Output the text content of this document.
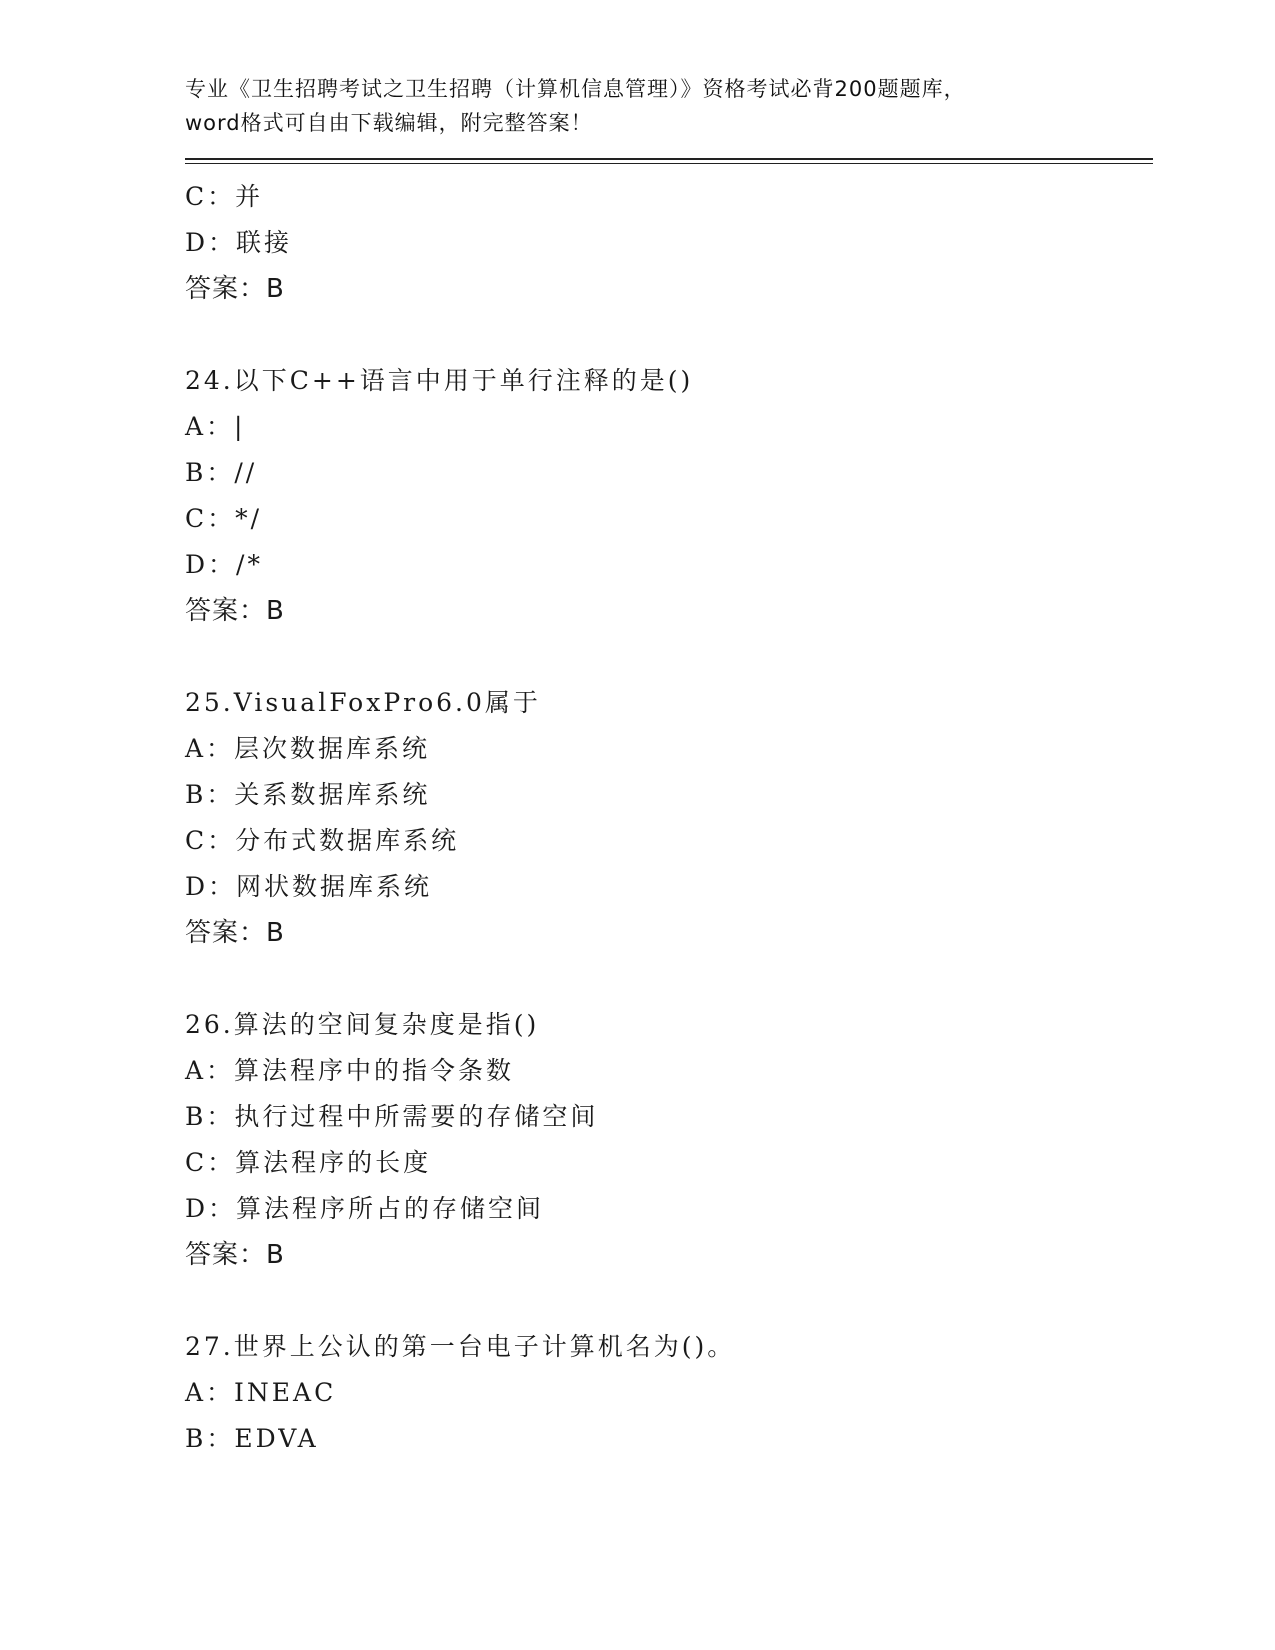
专业《卫生招聘考试之卫生招聘（计算机信息管理）》资格考试必背200题题库，
word格式可自由下载编辑，附完整答案！
C：并
D：联接
答案：B
24.以下C++语言中用于单行注释的是()
A：|
B：//
C：*/
D：/*
答案：B
25.VisualFoxPro6.0属于
A：层次数据库系统
B：关系数据库系统
C：分布式数据库系统
D：网状数据库系统
答案：B
26.算法的空间复杂度是指()
A：算法程序中的指令条数
B：执行过程中所需要的存储空间
C：算法程序的长度
D：算法程序所占的存储空间
答案：B
27.世界上公认的第一台电子计算机名为()。
A：INEAC
B：EDVA
